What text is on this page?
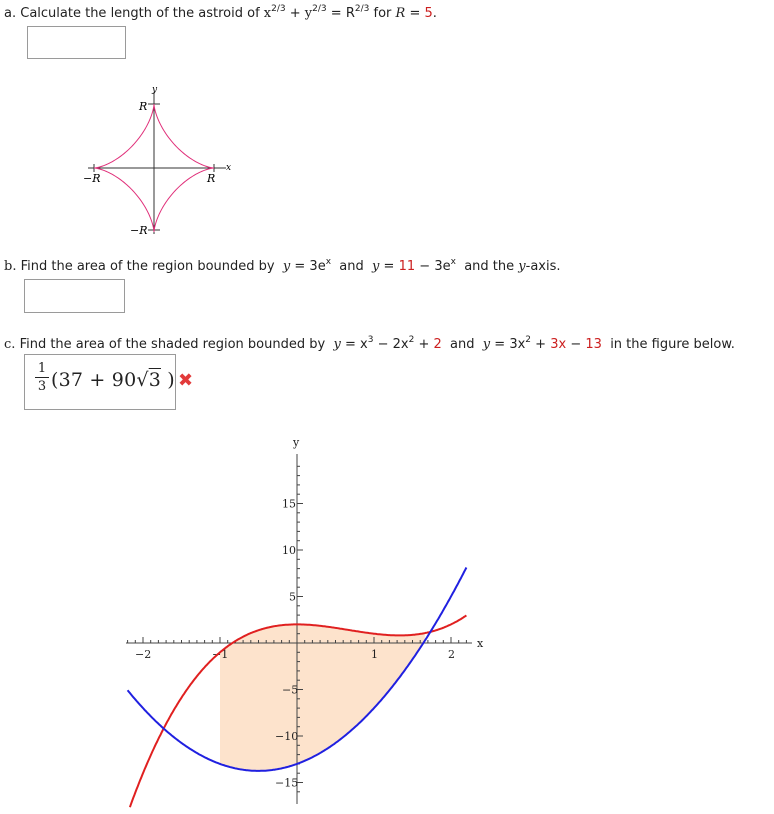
a. Calculate the length of the astroid of $x^{2/3} + y^{2/3} = R^{2/3}$ for R = 5.
y
x
R
−R	R
−R
b. Find the area of the region bounded by $y = 3e^x$ and $y = 11 - 3e^x$ and the y-axis.
c. Find the area of the shaded region bounded by $y = x^3 - 2x^2 + 2$ and $y = 3x^2 + 3x - 13$ in the figure below.
1
3 (37 + 90√3 ) ✖
−2	−1	1	2
−15
−10
−5
5
10
15
x
y
